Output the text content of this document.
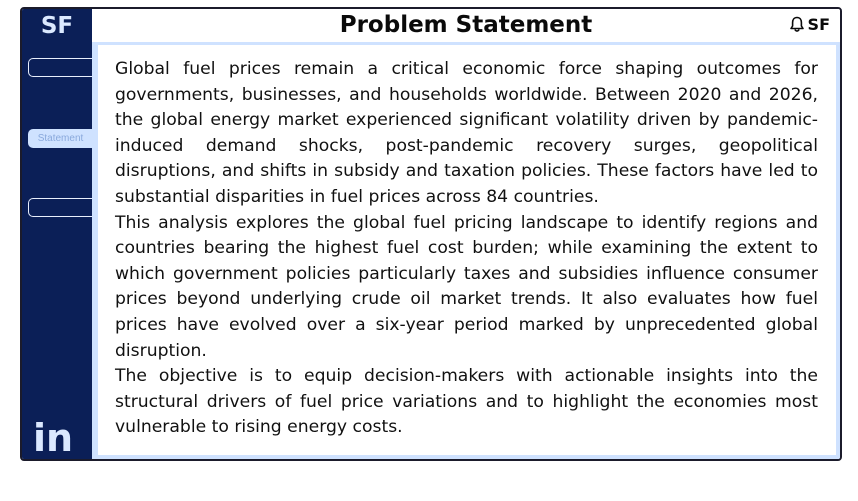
SF
Statement
in
Problem Statement	SF

Global fuel prices remain a critical economic force shaping outcomes for governments, businesses, and households worldwide. Between 2020 and 2026, the global energy market experienced significant volatility driven by pandemic-induced demand shocks, post-pandemic recovery surges, geopolitical disruptions, and shifts in subsidy and taxation policies. These factors have led to substantial disparities in fuel prices across 84 countries.

This analysis explores the global fuel pricing landscape to identify regions and countries bearing the highest fuel cost burden; while examining the extent to which government policies particularly taxes and subsidies influence consumer prices beyond underlying crude oil market trends. It also evaluates how fuel prices have evolved over a six-year period marked by unprecedented global disruption.

The objective is to equip decision-makers with actionable insights into the structural drivers of fuel price variations and to highlight the economies most vulnerable to rising energy costs.
